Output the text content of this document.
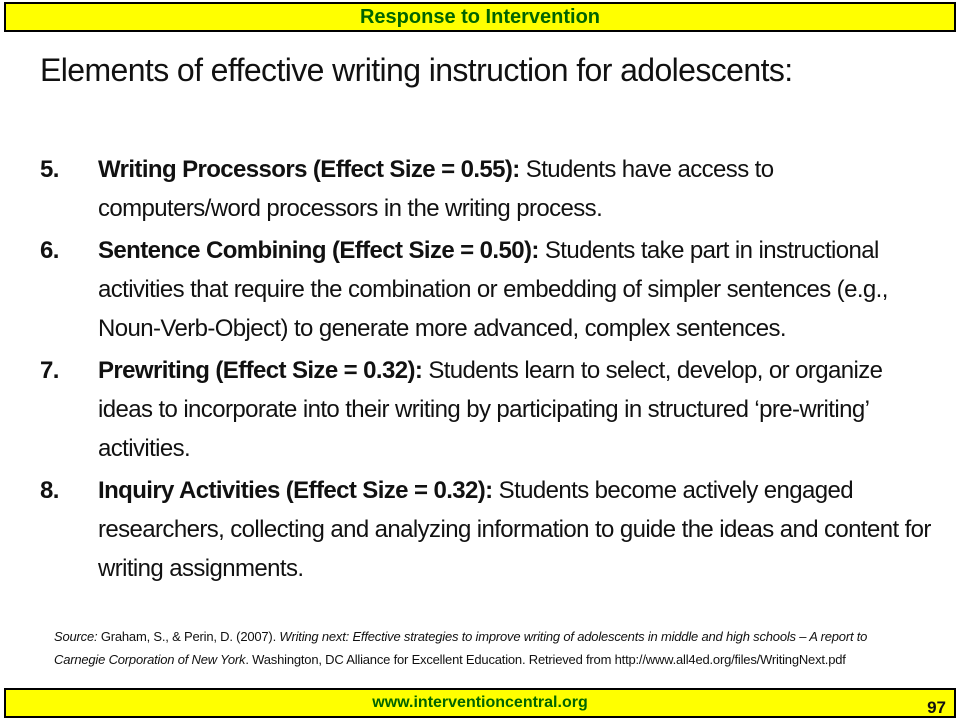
Response to Intervention
Elements of effective writing instruction for adolescents:
5. Writing Processors (Effect Size = 0.55): Students have access to computers/word processors in the writing process.
6. Sentence Combining (Effect Size = 0.50): Students take part in instructional activities that require the combination or embedding of simpler sentences (e.g., Noun-Verb-Object) to generate more advanced, complex sentences.
7. Prewriting (Effect Size = 0.32): Students learn to select, develop, or organize ideas to incorporate into their writing by participating in structured ‘pre-writing’ activities.
8. Inquiry Activities (Effect Size = 0.32): Students become actively engaged researchers, collecting and analyzing information to guide the ideas and content for writing assignments.
Source: Graham, S., & Perin, D. (2007). Writing next: Effective strategies to improve writing of adolescents in middle and high schools – A report to Carnegie Corporation of New York. Washington, DC Alliance for Excellent Education. Retrieved from http://www.all4ed.org/files/WritingNext.pdf
www.interventioncentral.org	97
